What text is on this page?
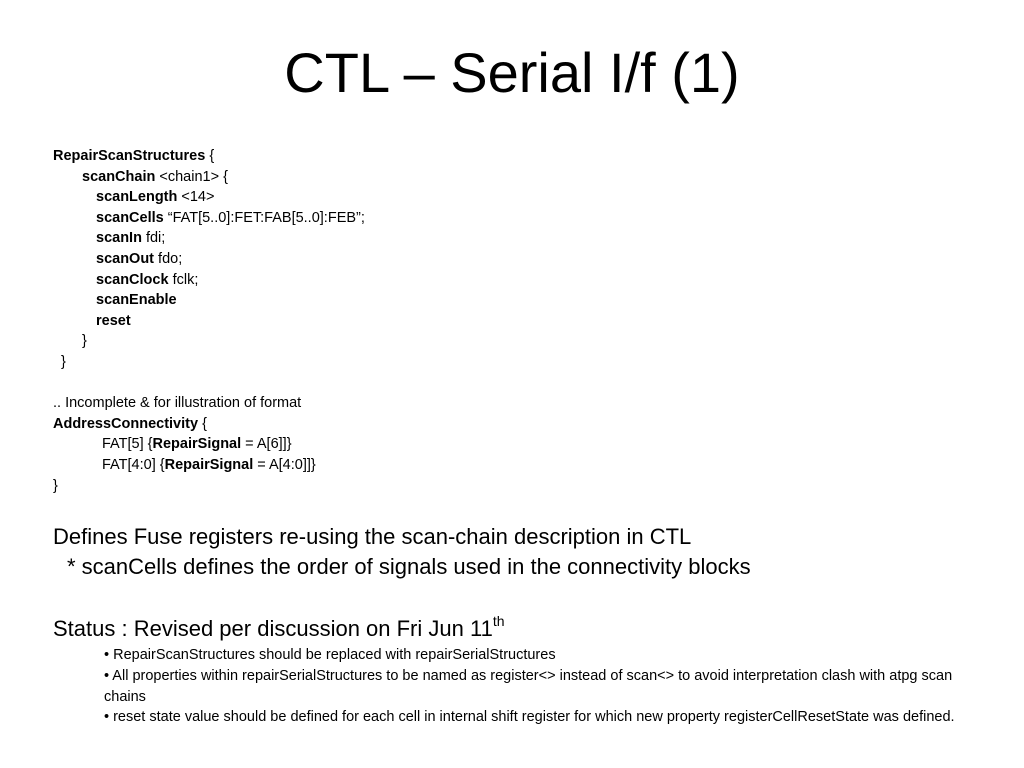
CTL – Serial I/f (1)
RepairScanStructures {
scanChain <chain1> {
scanLength <14>
scanCells “FAT[5..0]:FET:FAB[5..0]:FEB”;
scanIn fdi;
scanOut fdo;
scanClock fclk;
scanEnable
reset
}
}
.. Incomplete & for illustration of format
AddressConnectivity {
FAT[5] {RepairSignal = A[6]]}
FAT[4:0] {RepairSignal = A[4:0]]}
}
Defines Fuse registers re-using the scan-chain description in CTL
* scanCells defines the order of signals used in the connectivity blocks
Status : Revised per discussion on Fri Jun 11th
• RepairScanStructures should be replaced with repairSerialStructures
• All properties within repairSerialStructures to be named as register<> instead of scan<> to avoid interpretation clash with atpg scan chains
• reset state value should be defined for each cell in internal shift register for which new property registerCellResetState was defined.
